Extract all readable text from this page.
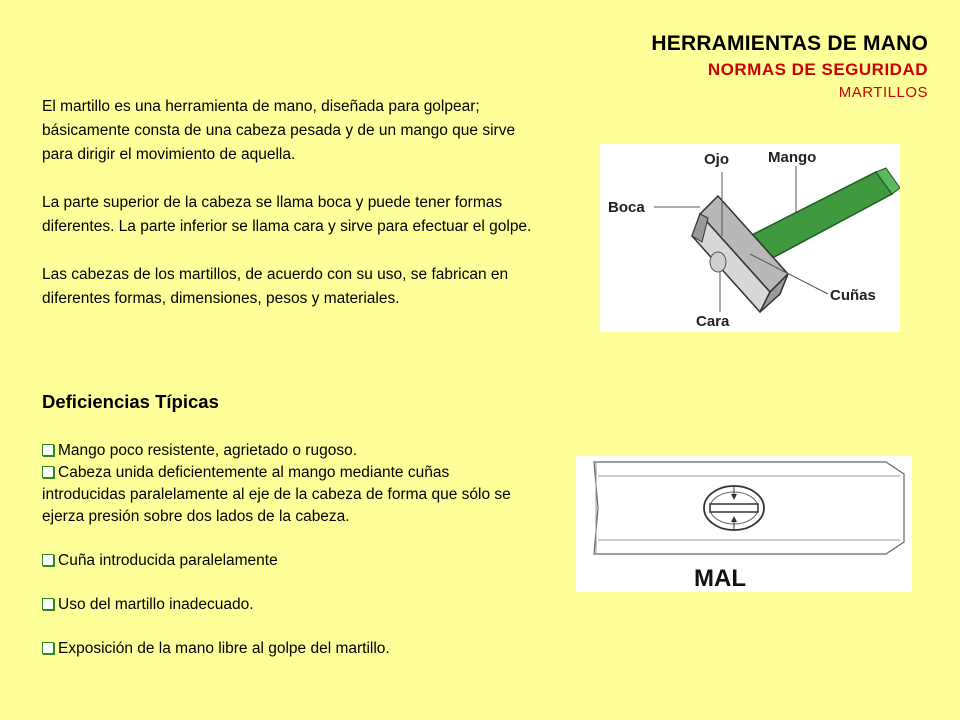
HERRAMIENTAS DE MANO
NORMAS DE SEGURIDAD
MARTILLOS

El martillo es una herramienta de mano, diseñada para golpear; básicamente consta de una cabeza pesada y de un mango que sirve para dirigir el movimiento de aquella.

La parte superior de la cabeza se llama boca y puede tener formas diferentes. La parte inferior se llama cara y sirve para efectuar el golpe.

Las cabezas de los martillos, de acuerdo con su uso, se fabrican en diferentes formas, dimensiones, pesos y materiales.

Deficiencias Típicas
Mango poco resistente, agrietado o rugoso.
Cabeza unida deficientemente al mango mediante cuñas introducidas paralelamente al eje de la cabeza de forma que sólo se ejerza presión sobre dos lados de la cabeza.
Cuña introducida paralelamente
Uso del martillo inadecuado.
Exposición de la mano libre al golpe del martillo.
Ojo	Mango
Boca
Cuñas
Cara
MAL
